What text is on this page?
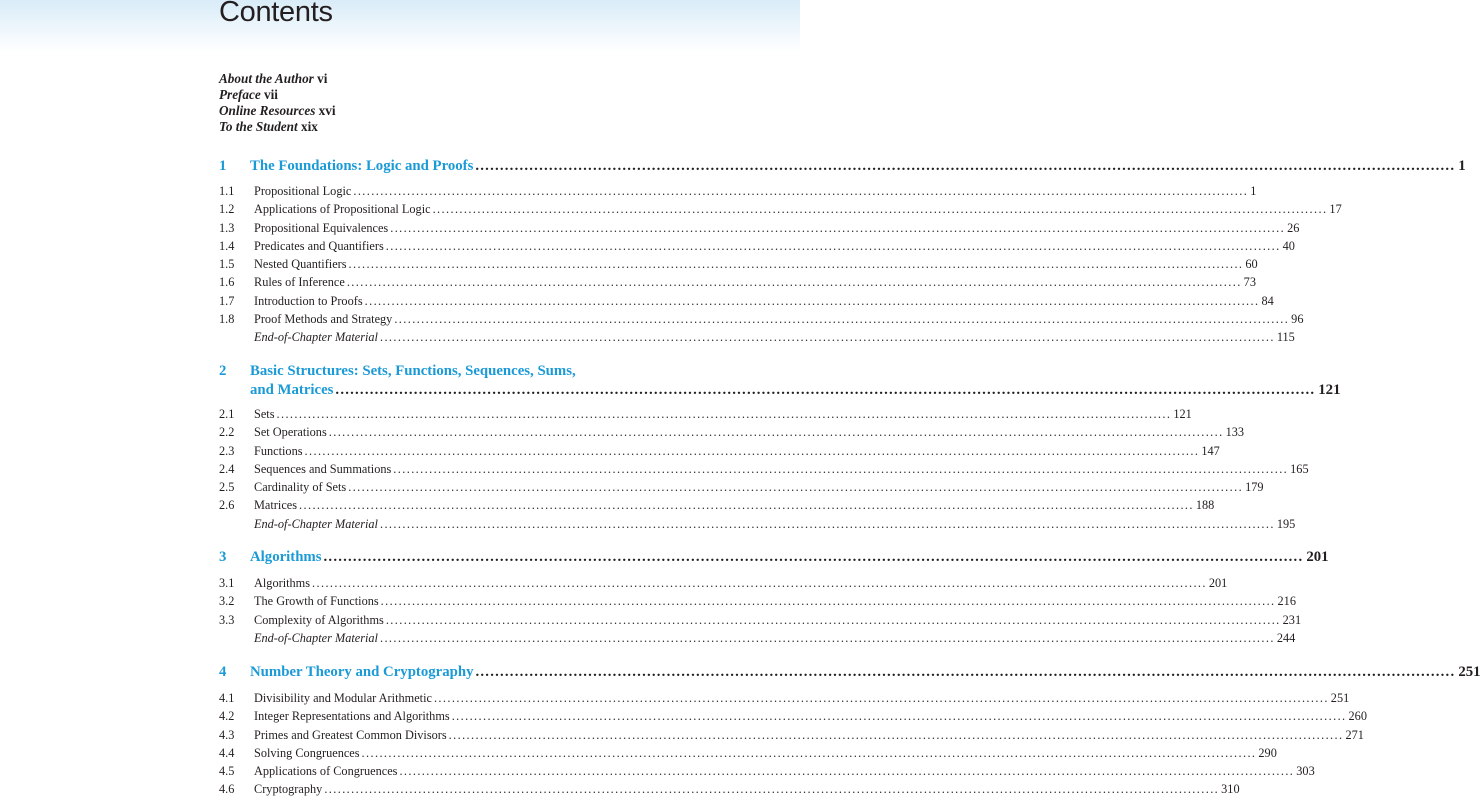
Contents
About the Author vi
Preface vii
Online Resources xvi
To the Student xix
1 The Foundations: Logic and Proofs ........................................................................................................................................................................................................ 1
1.1	Propositional Logic ........................................................................................................................................................................................................ 1
1.2	Applications of Propositional Logic ........................................................................................................................................................................................................ 17
1.3	Propositional Equivalences ........................................................................................................................................................................................................ 26
1.4	Predicates and Quantifiers ........................................................................................................................................................................................................ 40
1.5	Nested Quantifiers ........................................................................................................................................................................................................ 60
1.6	Rules of Inference ........................................................................................................................................................................................................ 73
1.7	Introduction to Proofs ........................................................................................................................................................................................................ 84
1.8	Proof Methods and Strategy ........................................................................................................................................................................................................ 96
End-of-Chapter Material ........................................................................................................................................................................................................ 115
2 Basic Structures: Sets, Functions, Sequences, Sums,
and Matrices ........................................................................................................................................................................................................ 121
2.1	Sets ........................................................................................................................................................................................................ 121
2.2	Set Operations ........................................................................................................................................................................................................ 133
2.3	Functions ........................................................................................................................................................................................................ 147
2.4	Sequences and Summations ........................................................................................................................................................................................................ 165
2.5	Cardinality of Sets ........................................................................................................................................................................................................ 179
2.6	Matrices ........................................................................................................................................................................................................ 188
End-of-Chapter Material ........................................................................................................................................................................................................ 195
3 Algorithms ........................................................................................................................................................................................................ 201
3.1	Algorithms ........................................................................................................................................................................................................ 201
3.2	The Growth of Functions ........................................................................................................................................................................................................ 216
3.3	Complexity of Algorithms ........................................................................................................................................................................................................ 231
End-of-Chapter Material ........................................................................................................................................................................................................ 244
4 Number Theory and Cryptography ........................................................................................................................................................................................................ 251
4.1	Divisibility and Modular Arithmetic ........................................................................................................................................................................................................ 251
4.2	Integer Representations and Algorithms ........................................................................................................................................................................................................ 260
4.3	Primes and Greatest Common Divisors ........................................................................................................................................................................................................ 271
4.4	Solving Congruences ........................................................................................................................................................................................................ 290
4.5	Applications of Congruences ........................................................................................................................................................................................................ 303
4.6	Cryptography ........................................................................................................................................................................................................ 310
